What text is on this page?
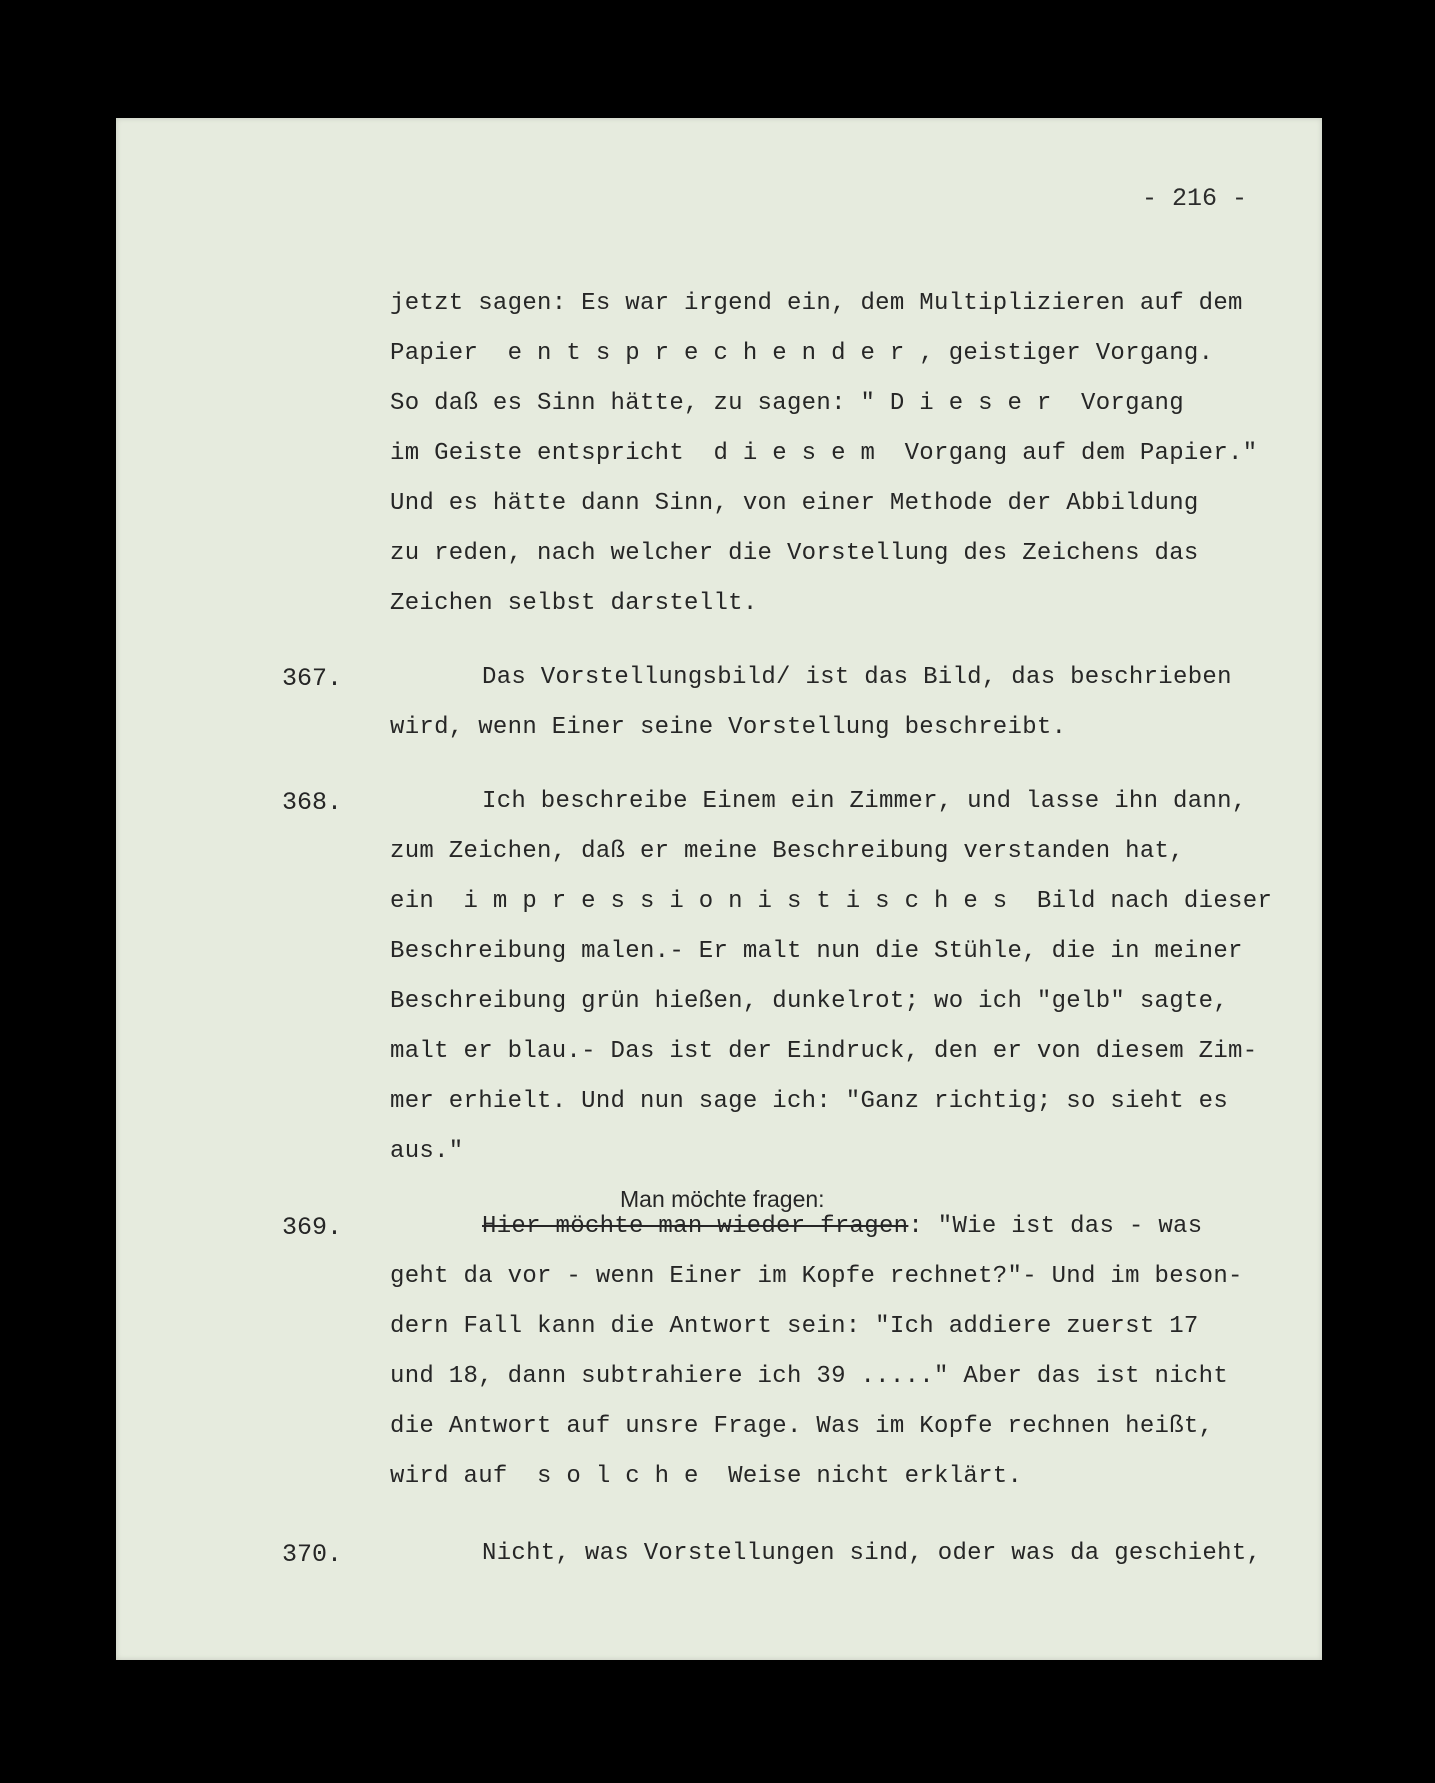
- 216 -
jetzt sagen: Es war irgend ein, dem Multiplizieren auf dem
Papier  e n t s p r e c h e n d e r , geistiger Vorgang.
So daß es Sinn hätte, zu sagen: " D i e s e r  Vorgang
im Geiste entspricht  d i e s e m  Vorgang auf dem Papier."
Und es hätte dann Sinn, von einer Methode der Abbildung
zu reden, nach welcher die Vorstellung des Zeichens das
Zeichen selbst darstellt.
367.	Das Vorstellungsbild/ ist das Bild, das beschrieben
wird, wenn Einer seine Vorstellung beschreibt.
368.	Ich beschreibe Einem ein Zimmer, und lasse ihn dann,
zum Zeichen, daß er meine Beschreibung verstanden hat,
ein  i m p r e s s i o n i s t i s c h e s  Bild nach dieser
Beschreibung malen.- Er malt nun die Stühle, die in meiner
Beschreibung grün hießen, dunkelrot; wo ich "gelb" sagte,
malt er blau.- Das ist der Eindruck, den er von diesem Zim-
mer erhielt. Und nun sage ich: "Ganz richtig; so sieht es
aus."
Man möchte fragen:
369.	Hier möchte man wieder fragen: "Wie ist das - was
geht da vor - wenn Einer im Kopfe rechnet?"- Und im beson-
dern Fall kann die Antwort sein: "Ich addiere zuerst 17
und 18, dann subtrahiere ich 39 ....." Aber das ist nicht
die Antwort auf unsre Frage. Was im Kopfe rechnen heißt,
wird auf  s o l c h e  Weise nicht erklärt.
370.	Nicht, was Vorstellungen sind, oder was da geschieht,
